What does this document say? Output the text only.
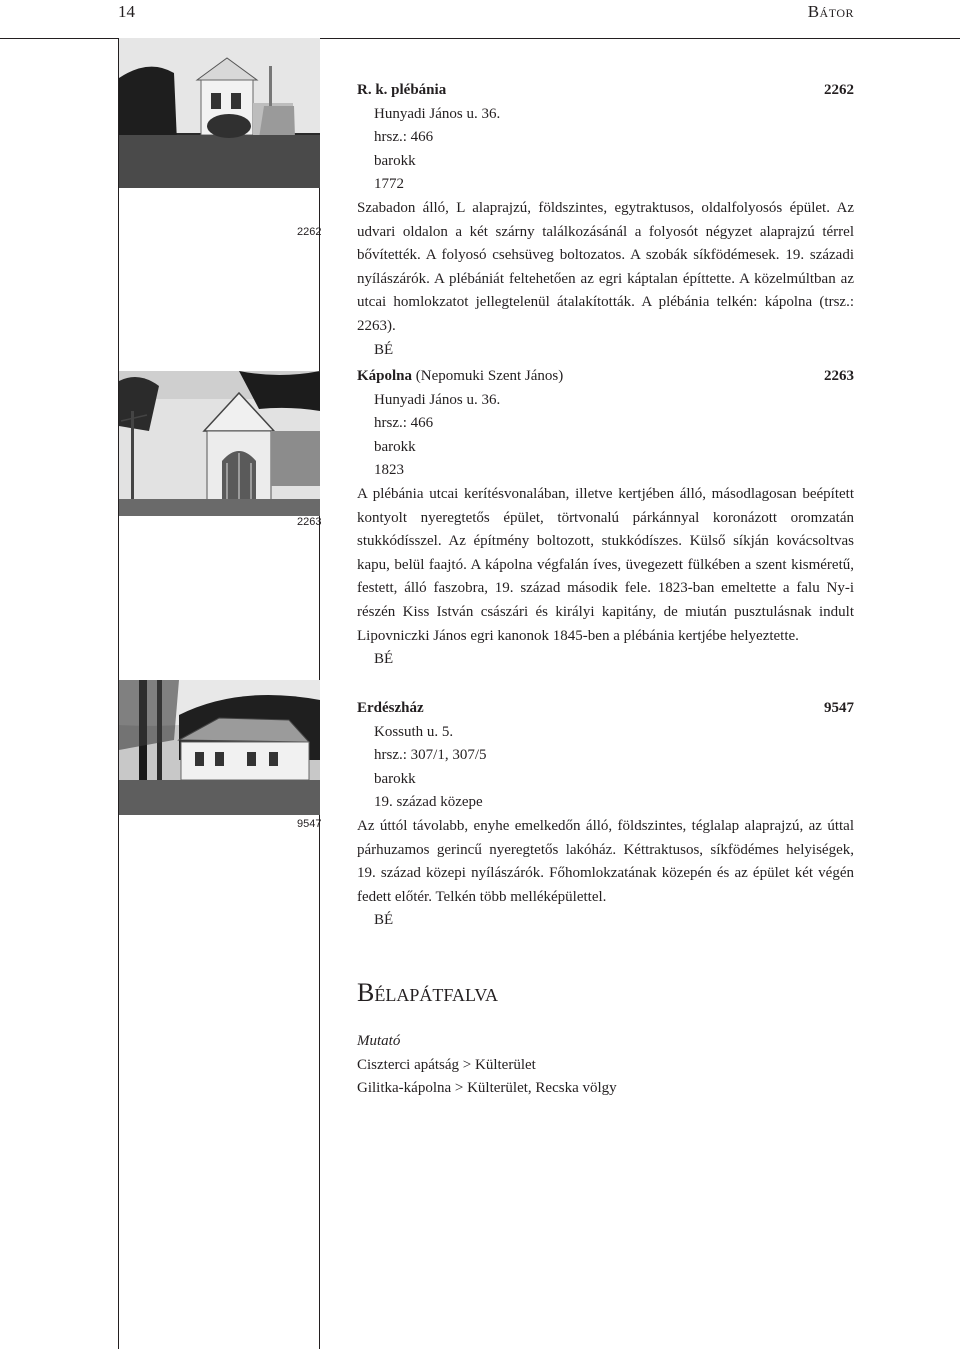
14	Bátor
2262
2263
9547
R. k. plébánia	2262
Hunyadi János u. 36.
hrsz.: 466
barokk
1772
Szabadon álló, L alaprajzú, földszintes, egytraktusos, oldalfolyosós épület. Az udvari oldalon a két szárny találkozásánál a folyosót négyzet alaprajzú térrel bővítették. A folyosó csehsüveg boltozatos. A szobák síkfödémesek. 19. századi nyílászárók. A plébániát feltehetően az egri káptalan építtette. A közelmúltban az utcai homlokzatot jellegtelenül átalakították. A plébánia telkén: kápolna (trsz.: 2263).
BÉ
Kápolna (Nepomuki Szent János)	2263
Hunyadi János u. 36.
hrsz.: 466
barokk
1823
A plébánia utcai kerítésvonalában, illetve kertjében álló, másodlagosan beépített kontyolt nyeregtetős épület, törtvonalú párkánnyal koronázott oromzatán stukkódísszel. Az építmény boltozott, stukkódíszes. Külső síkján kovácsoltvas kapu, belül faajtó. A kápolna végfalán íves, üvegezett fülkében a szent kisméretű, festett, álló faszobra, 19. század második fele. 1823-ban emeltette a falu Ny-i részén Kiss István császári és királyi kapitány, de miután pusztulásnak indult Lipovniczki János egri kanonok 1845-ben a plébánia kertjébe helyeztette.
BÉ
Erdészház	9547
Kossuth u. 5.
hrsz.: 307/1, 307/5
barokk
19. század közepe
Az úttól távolabb, enyhe emelkedőn álló, földszintes, téglalap alaprajzú, az úttal párhuzamos gerincű nyeregtetős lakóház. Kéttraktusos, síkfödémes helyiségek, 19. század közepi nyílászárók. Főhomlokzatának közepén és az épület két végén fedett előtér. Telkén több melléképülettel.
BÉ
Bélapátfalva
Mutató
Ciszterci apátság > Külterület
Gilitka-kápolna > Külterület, Recska völgy
